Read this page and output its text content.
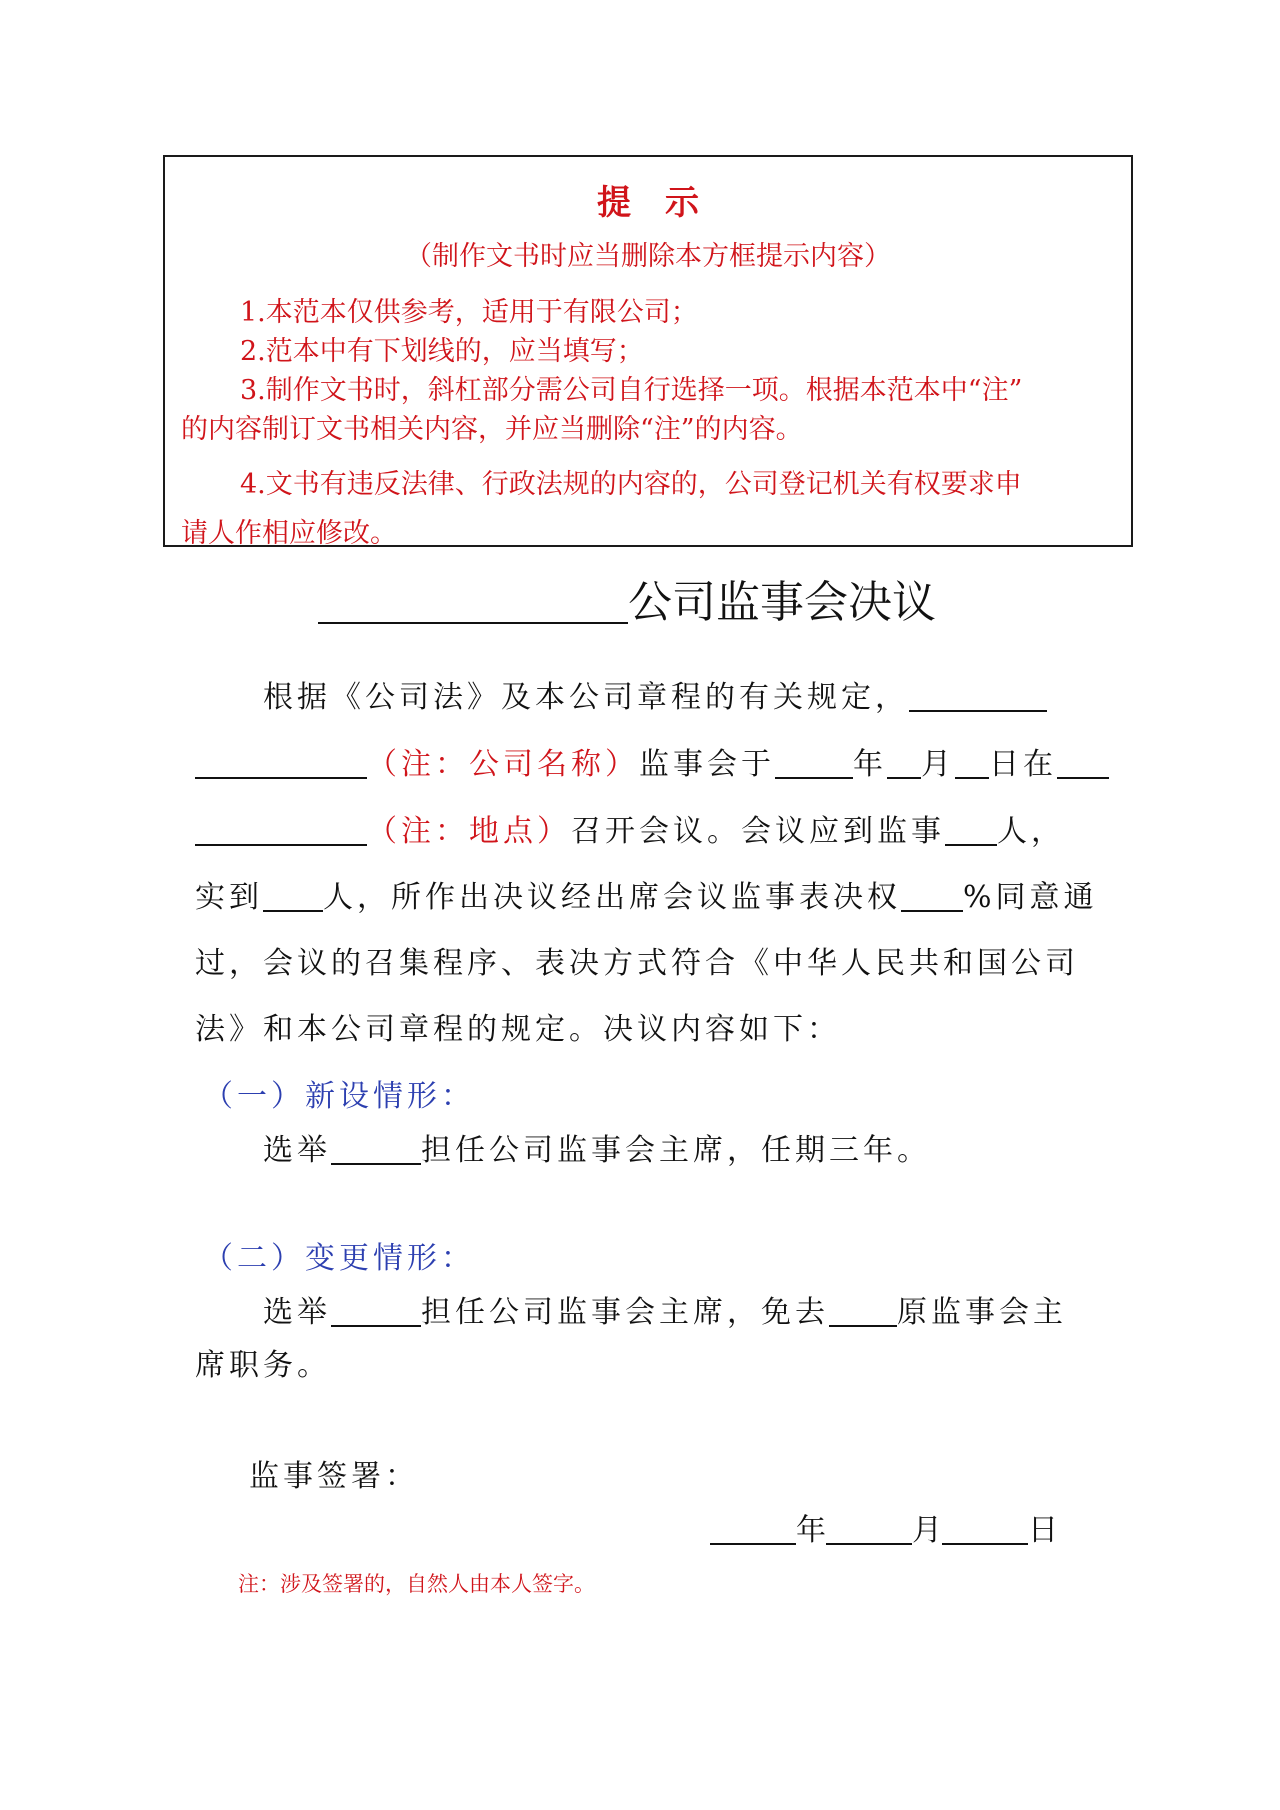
提　示
（制作文书时应当删除本方框提示内容）
1.本范本仅供参考，适用于有限公司；
2.范本中有下划线的，应当填写；
3.制作文书时，斜杠部分需公司自行选择一项。根据本范本中“注”
的内容制订文书相关内容，并应当删除“注”的内容。
4.文书有违反法律、行政法规的内容的，公司登记机关有权要求申
请人作相应修改。
公司监事会决议
根据《公司法》及本公司章程的有关规定，
（注：公司名称）监事会于	年 月 日在
（注：地点）召开会议。会议应到监事 人，
实到 人，所作出决议经出席会议监事表决权 %同意通
过，会议的召集程序、表决方式符合《中华人民共和国公司
法》和本公司章程的规定。决议内容如下：
（一）新设情形：
选举	担任公司监事会主席，任期三年。
（二）变更情形：
选举	担任公司监事会主席，免去 原监事会主
席职务。
监事签署：
年	月	日
注：涉及签署的，自然人由本人签字。
